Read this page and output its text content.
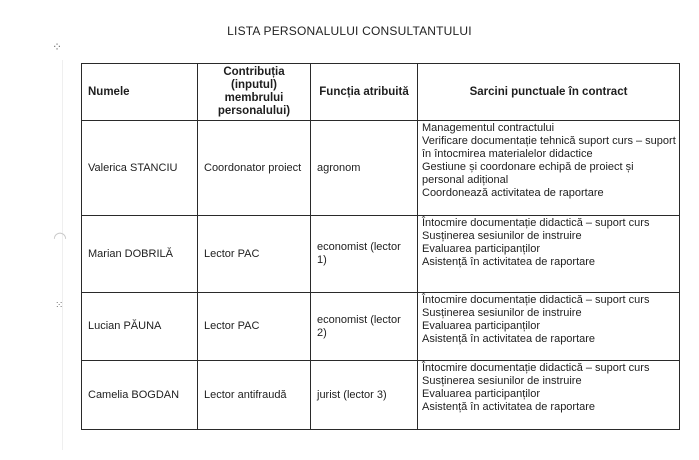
⁘
◠
⁙
LISTA PERSONALULUI CONSULTANTULUI
Numele	Contribuția (inputul) membrului personalului)	Funcția atribuită	Sarcini punctuale în contract
Valerica STANCIU	Coordonator proiect	agronom	Managementul contractului
Verificare documentație tehnică suport curs – suport în întocmirea materialelor didactice
Gestiune și coordonare echipă de proiect și personal adițional
Coordonează activitatea de raportare

Marian DOBRILĂ	Lector PAC	economist (lector 1)	Întocmire documentație didactică – suport curs
Susținerea sesiunilor de instruire
Evaluarea participanților
Asistență în activitatea de raportare

Lucian PĂUNA	Lector PAC	economist (lector 2)	Întocmire documentație didactică – suport curs
Susținerea sesiunilor de instruire
Evaluarea participanților
Asistență în activitatea de raportare

Camelia BOGDAN	Lector antifraudă	jurist (lector 3)	Întocmire documentație didactică – suport curs
Susținerea sesiunilor de instruire
Evaluarea participanților
Asistență în activitatea de raportare
